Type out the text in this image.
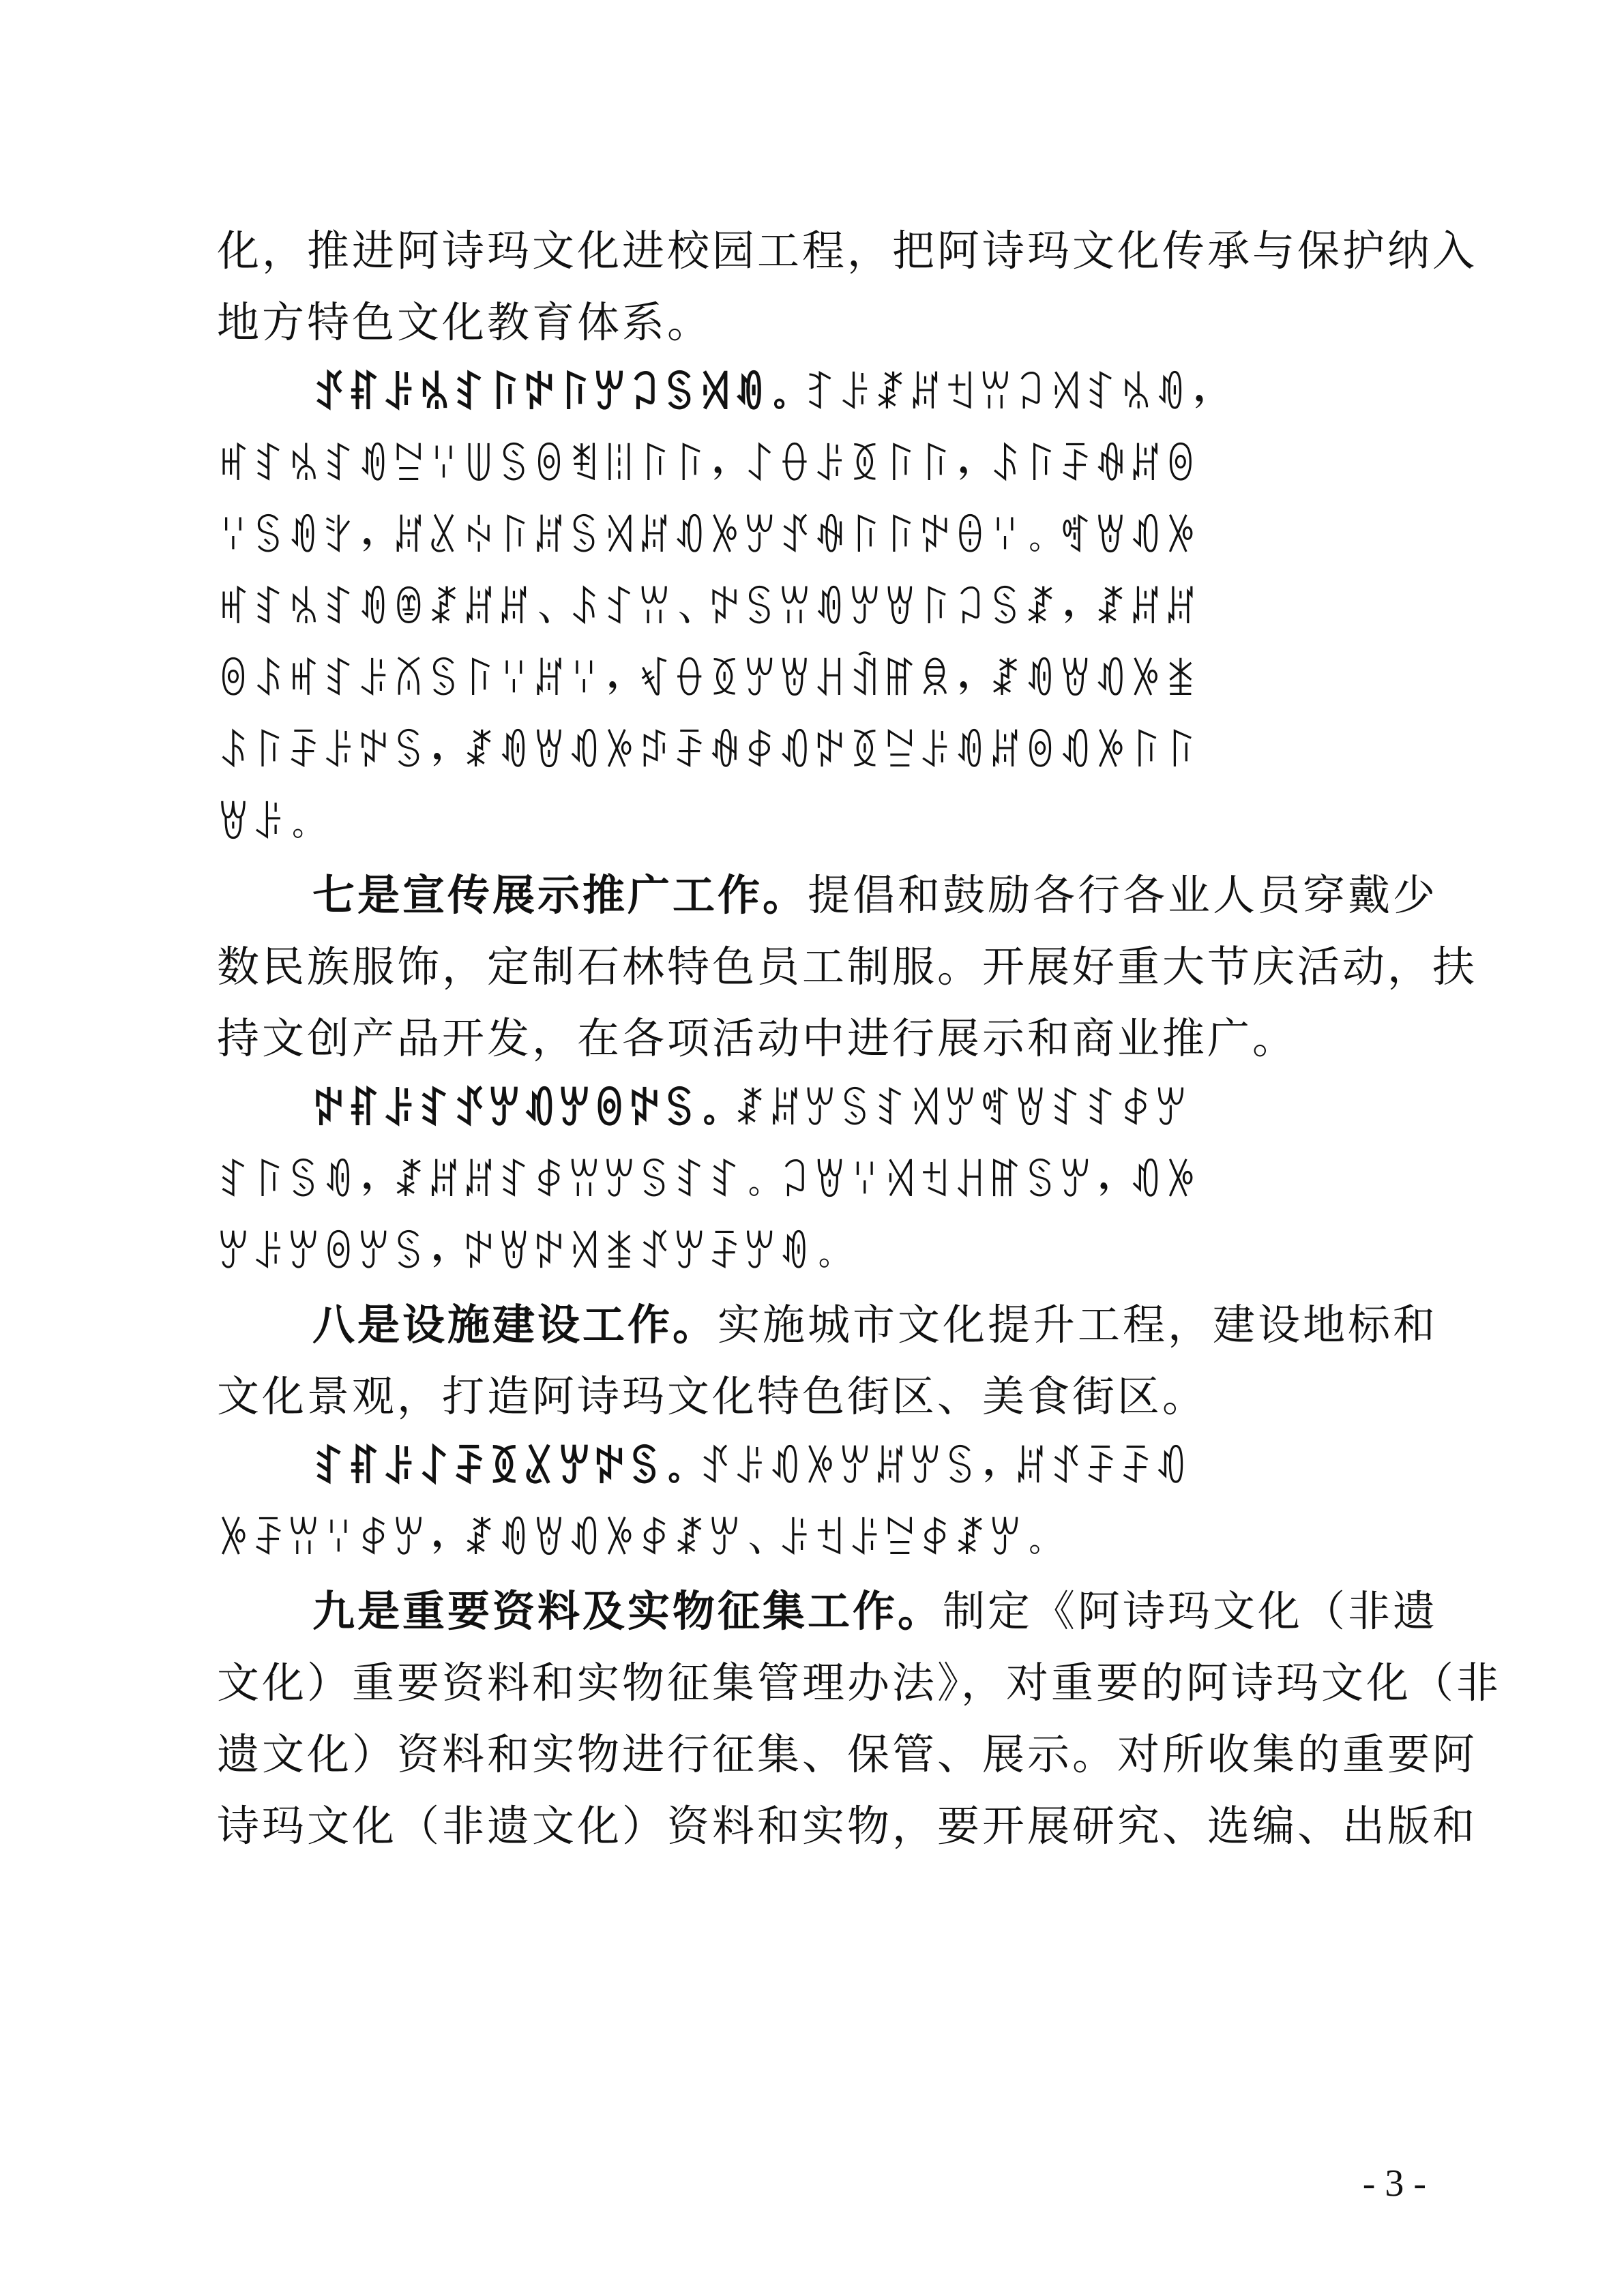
化，推进阿诗玛文化进校园工程，把阿诗玛文化传承与保护纳入
地方特色文化教育体系。
ꀋꐥꌠꁱꆏꑍꉢꑍꏮꃀꌗꄉꀑ。ꆈꌠꊨꏦꉬꀕꃀꄉꆏꁱꀑ，
ꎭꆏꁱꆏꀑꊂꈌꅐꌗꉻꄮꈨꑍꑍ，ꋍꂷꌠꅉꑍꑍ，ꌺꑍꄚꊿꏦꉻ
ꈌꌗꀑꇬ，ꏦꊪꏢꑍꏦꌗꄉꏦꀒꉼꏮꀋꊿꑍꑍꉢꎔꈌ。ꈩꇐꀒꉼ
ꎭꆏꁱꆏꀑꂮꊨꏦꏦ、ꌺꉘꀕ、ꉢꌗꀕꀑꏮꇐꑍꃀꌗꊨ，ꊨꏦꏦ
ꉻꌺꎭꆏꌠꊼꌗꑍꈌꏦꈌ，ꃴꂷꅉꏮꇐꃅꀉꂵꌋ，ꊨꀑꇐꀒꉼꁧ
ꌺꑍꄚꌠꉢꌗ，ꊨꀑꇐꀒꉼꁯꄚꊿꇉꀒꉢꅉꊂꌠꀑꏦꉻꀒꉼꑍꑍ
ꇐꌠ。
七是宣传展示推广工作。提倡和鼓励各行各业人员穿戴少
数民族服饰，定制石林特色员工制服。开展好重大节庆活动，扶
持文创产品开发，在各项活动中进行展示和商业推广。
ꉢꐥꌠꆏꀋꏮꀒꏮꉻꉢꌗ。ꊨꏦꏮꌗꆏꄉꏮꈩꇐꆏꆏꇉꏮ
ꆏꑍꌗꀑ，ꊨꏦꏦꆏꇉꀕꏮꌗꆏꆏ。ꃀꇐꈌꄉꉬꃅꂵꌗꏮ，ꀒꉼ
ꏮꌠꏮꉻꏮꌗ，ꉢꇐꉢꄉꁧꀋꏮꄚꏮꀑ。
八是设施建设工作。实施城市文化提升工程，建设地标和
文化景观，打造阿诗玛文化特色街区、美食街区。
ꆏꐥꌠꋍꄚꅉꊪꏮꉢꌗ。ꀋꌠꀒꉼꏮꏦꏮꌗ，ꏦꀋꄚꄚꀒ
ꉼꄚꀕꈌꇉꏮ，ꊨꀑꇐꀒꉼꇉꊨꏮ、ꌠꉬꌠꊂꇉꊨꏮ。
九是重要资料及实物征集工作。制定《阿诗玛文化（非遗
文化）重要资料和实物征集管理办法》，对重要的阿诗玛文化（非
遗文化）资料和实物进行征集、保管、展示。对所收集的重要阿
诗玛文化（非遗文化）资料和实物，要开展研究、选编、出版和
- 3 -
